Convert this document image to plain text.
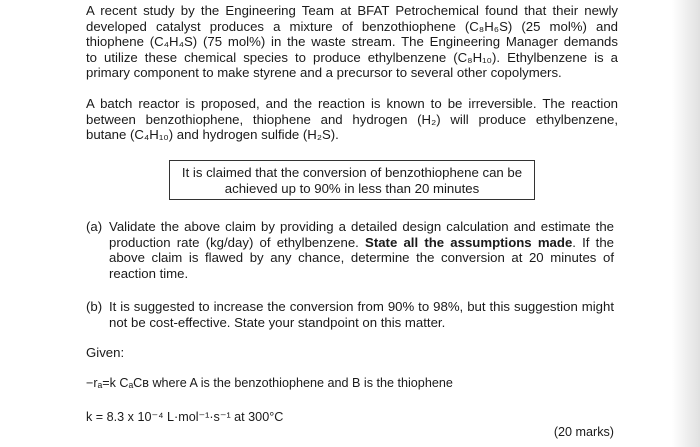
A recent study by the Engineering Team at BFAT Petrochemical found that their newly
developed catalyst produces a mixture of benzothiophene (C₈H₆S) (25 mol%) and
thiophene (C₄H₄S) (75 mol%) in the waste stream. The Engineering Manager demands
to utilize these chemical species to produce ethylbenzene (C₈H₁₀). Ethylbenzene is a
primary component to make styrene and a precursor to several other copolymers.
A batch reactor is proposed, and the reaction is known to be irreversible. The reaction
between benzothiophene, thiophene and hydrogen (H₂) will produce ethylbenzene,
butane (C₄H₁₀) and hydrogen sulfide (H₂S).
It is claimed that the conversion of benzothiophene can be
achieved up to 90% in less than 20 minutes
(a) Validate the above claim by providing a detailed design calculation and estimate the
production rate (kg/day) of ethylbenzene. State all the assumptions made. If the
above claim is flawed by any chance, determine the conversion at 20 minutes of
reaction time.
(b) It is suggested to increase the conversion from 90% to 98%, but this suggestion might
not be cost-effective. State your standpoint on this matter.
Given:
−rₐ=k CₐCʙ where A is the benzothiophene and B is the thiophene
k = 8.3 x 10⁻⁴ L·mol⁻¹·s⁻¹ at 300°C
(20 marks)
